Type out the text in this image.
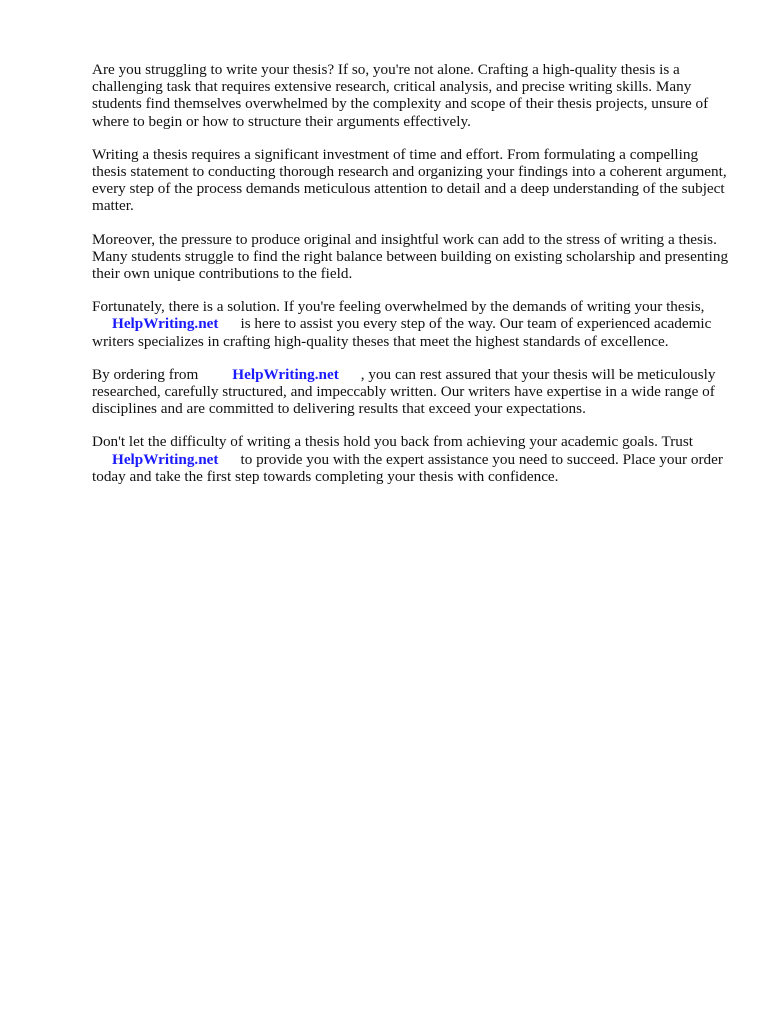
Are you struggling to write your thesis? If so, you're not alone. Crafting a high-quality thesis is a challenging task that requires extensive research, critical analysis, and precise writing skills. Many students find themselves overwhelmed by the complexity and scope of their thesis projects, unsure of where to begin or how to structure their arguments effectively.

Writing a thesis requires a significant investment of time and effort. From formulating a compelling thesis statement to conducting thorough research and organizing your findings into a coherent argument, every step of the process demands meticulous attention to detail and a deep understanding of the subject matter.

Moreover, the pressure to produce original and insightful work can add to the stress of writing a thesis. Many students struggle to find the right balance between building on existing scholarship and presenting their own unique contributions to the field.

Fortunately, there is a solution. If you're feeling overwhelmed by the demands of writing your thesis,
HelpWriting.net is here to assist you every step of the way. Our team of experienced academic writers specializes in crafting high-quality theses that meet the highest standards of excellence.

By ordering from HelpWriting.net , you can rest assured that your thesis will be meticulously researched, carefully structured, and impeccably written. Our writers have expertise in a wide range of disciplines and are committed to delivering results that exceed your expectations.

Don't let the difficulty of writing a thesis hold you back from achieving your academic goals. Trust
HelpWriting.net to provide you with the expert assistance you need to succeed. Place your order today and take the first step towards completing your thesis with confidence.
